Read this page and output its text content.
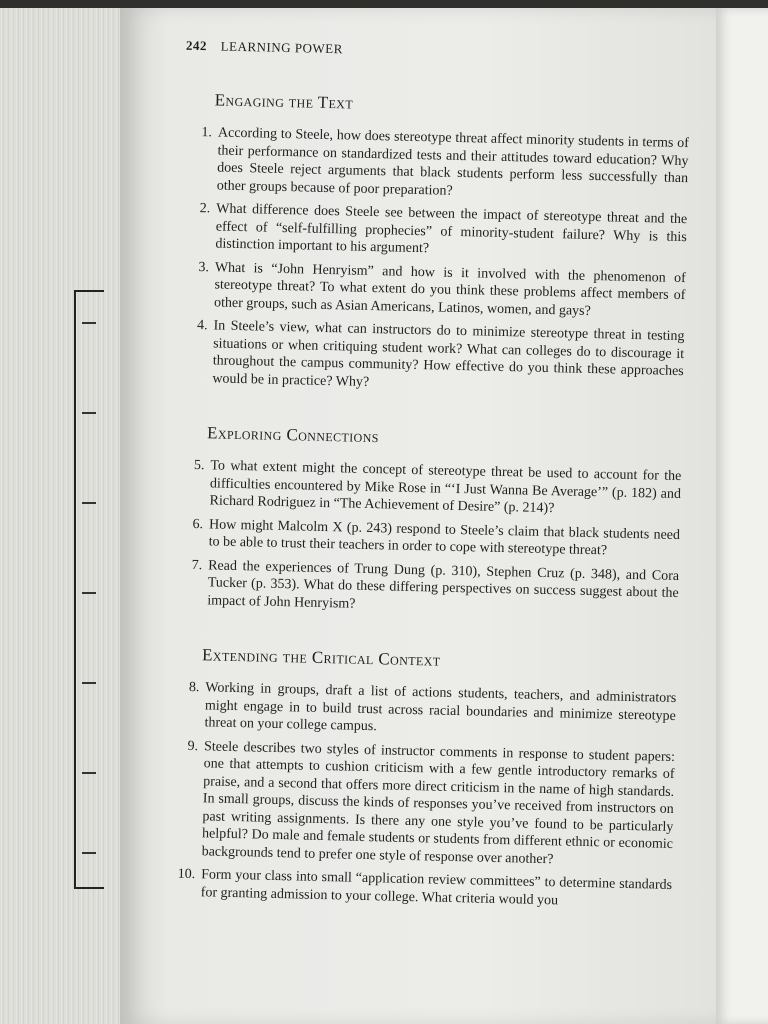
242 LEARNING POWER
Engaging the Text
1. According to Steele, how does stereotype threat affect minority students in terms of their performance on standardized tests and their attitudes toward education? Why does Steele reject arguments that black students perform less successfully than other groups because of poor preparation?
2. What difference does Steele see between the impact of stereotype threat and the effect of “self-fulfilling prophecies” of minority-student failure? Why is this distinction important to his argument?
3. What is “John Henryism” and how is it involved with the phenomenon of stereotype threat? To what extent do you think these problems affect members of other groups, such as Asian Americans, Latinos, women, and gays?
4. In Steele’s view, what can instructors do to minimize stereotype threat in testing situations or when critiquing student work? What can colleges do to discourage it throughout the campus community? How effective do you think these approaches would be in practice? Why?
Exploring Connections
5. To what extent might the concept of stereotype threat be used to account for the difficulties encountered by Mike Rose in “‘I Just Wanna Be Average’” (p. 182) and Richard Rodriguez in “The Achievement of Desire” (p. 214)?
6. How might Malcolm X (p. 243) respond to Steele’s claim that black students need to be able to trust their teachers in order to cope with stereotype threat?
7. Read the experiences of Trung Dung (p. 310), Stephen Cruz (p. 348), and Cora Tucker (p. 353). What do these differing perspectives on success suggest about the impact of John Henryism?
Extending the Critical Context
8. Working in groups, draft a list of actions students, teachers, and administrators might engage in to build trust across racial boundaries and minimize stereotype threat on your college campus.
9. Steele describes two styles of instructor comments in response to student papers: one that attempts to cushion criticism with a few gentle introductory remarks of praise, and a second that offers more direct criticism in the name of high standards. In small groups, discuss the kinds of responses you’ve received from instructors on past writing assignments. Is there any one style you’ve found to be particularly helpful? Do male and female students or students from different ethnic or economic backgrounds tend to prefer one style of response over another?
10. Form your class into small “application review committees” to determine standards for granting admission to your college. What criteria would you
